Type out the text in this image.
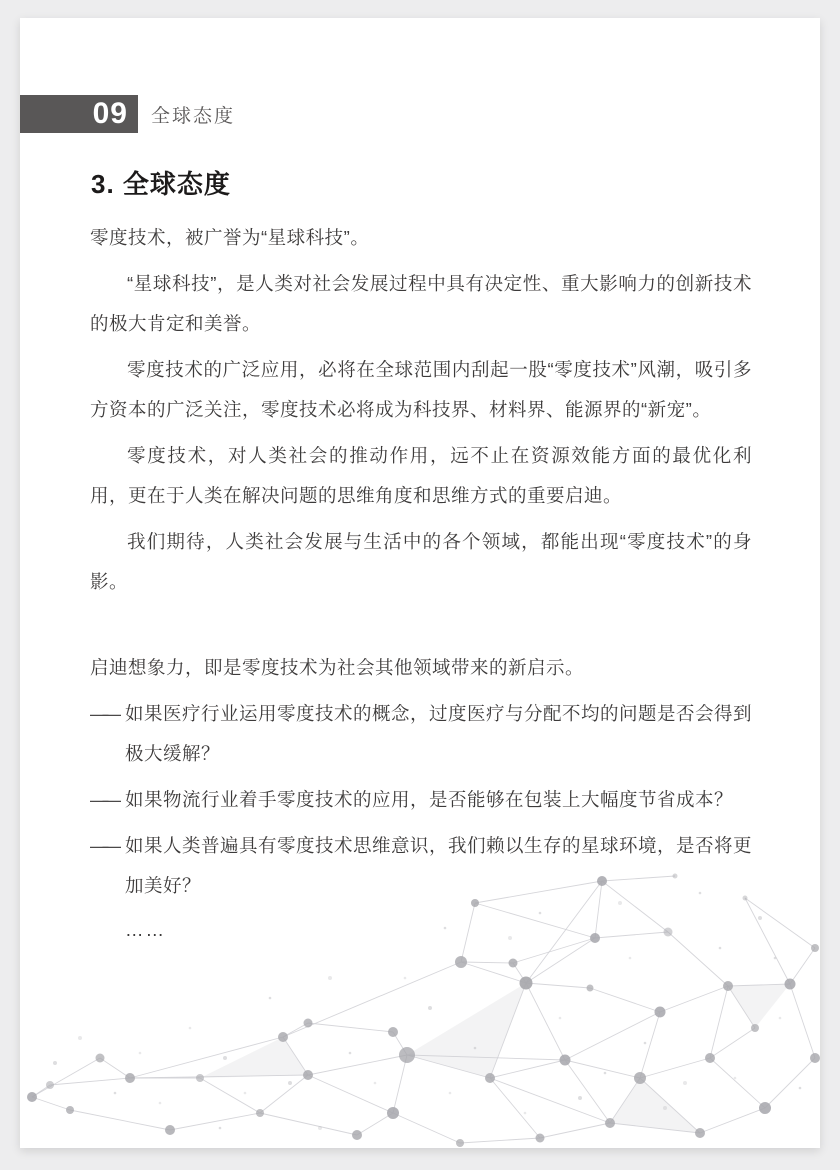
09 全球态度
3. 全球态度

零度技术，被广誉为“星球科技”。

“星球科技”，是人类对社会发展过程中具有决定性、重大影响力的创新技术的极大肯定和美誉。

零度技术的广泛应用，必将在全球范围内刮起一股“零度技术”风潮，吸引多方资本的广泛关注，零度技术必将成为科技界、材料界、能源界的“新宠”。

零度技术，对人类社会的推动作用，远不止在资源效能方面的最优化利用，更在于人类在解决问题的思维角度和思维方式的重要启迪。

我们期待，人类社会发展与生活中的各个领域，都能出现“零度技术”的身影。

启迪想象力，即是零度技术为社会其他领域带来的新启示。

—— 如果医疗行业运用零度技术的概念，过度医疗与分配不均的问题是否会得到极大缓解？

—— 如果物流行业着手零度技术的应用，是否能够在包装上大幅度节省成本？

—— 如果人类普遍具有零度技术思维意识，我们赖以生存的星球环境，是否将更加美好？

……
